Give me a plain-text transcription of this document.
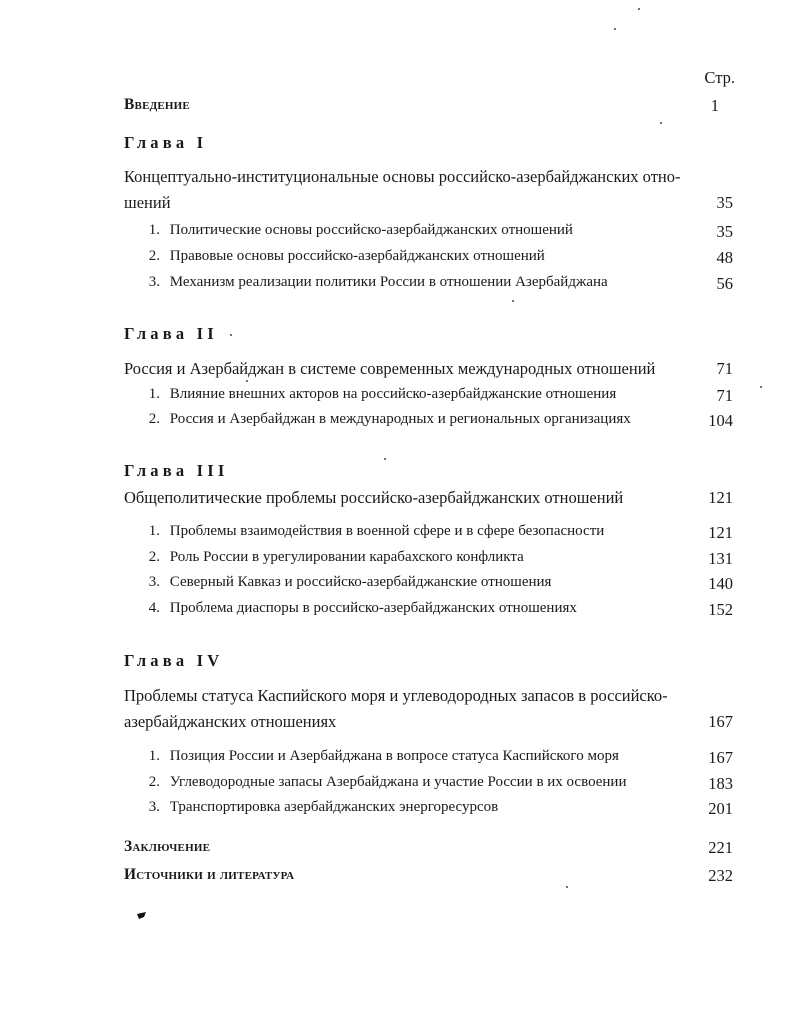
Стр.
Введение	1
Глава I
Концептуально-институциональные основы российско-азербайджанских отно-
шений	35
1. Политические основы российско-азербайджанских отношений	35
2. Правовые основы российско-азербайджанских отношений	48
3. Механизм реализации политики России в отношении Азербайджана	56
Глава II
Россия и Азербайджан в системе современных международных отношений	71
1. Влияние внешних акторов на российско-азербайджанские отношения	71
2. Россия и Азербайджан в международных и региональных организациях	104
Глава III
Общеполитические проблемы российско-азербайджанских отношений	121
1. Проблемы взаимодействия в военной сфере и в сфере безопасности	121
2. Роль России в урегулировании карабахского конфликта	131
3. Северный Кавказ и российско-азербайджанские отношения	140
4. Проблема диаспоры в российско-азербайджанских отношениях	152
Глава IV
Проблемы статуса Каспийского моря и углеводородных запасов в российско-
азербайджанских отношениях	167
1. Позиция России и Азербайджана в вопросе статуса Каспийского моря	167
2. Углеводородные запасы Азербайджана и участие России в их освоении	183
3. Транспортировка азербайджанских энергоресурсов	201
Заключение	221
Источники и литература	232
